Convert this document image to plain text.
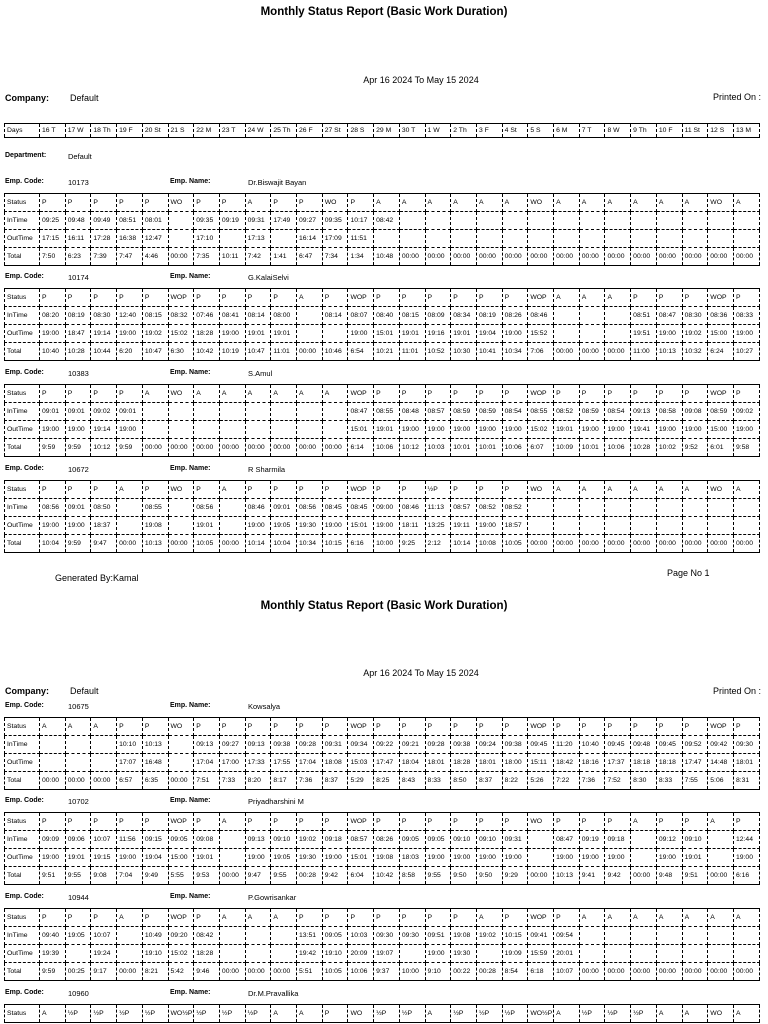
Monthly Status Report (Basic Work Duration)
Apr 16 2024 To May 15 2024
Company: Default	Printed On :
Days	16 T	17 W	18 Th	19 F	20 St	21 S	22 M	23 T	24 W	25 Th	26 F	27 St	28 S	29 M	30 T	1 W	2 Th	3 F	4 St	5 S	6 M	7 T	8 W	9 Th	10 F	11 St	12 S	13 M
Department:	Default
Emp. Code:	10173	Emp. Name:	Dr.Biswajit Bayan
Status	P	P	P	P	P	WO	P	P	A	P	P	WO	P	A	A	A	A	A	A	WO	A	A	A	A	A	A	WO	A
InTime	09:25	09:48	09:49	08:51	08:01		09:35	09:19	09:31	17:49	09:27	09:35	10:17	08:42														
OutTime	17:15	16:11	17:28	16:38	12:47		17:10		17:13		16:14	17:09	11:51															
Total	7:50	6:23	7:39	7:47	4:46	00:00	7:35	10:11	7:42	1:41	6:47	7:34	1:34	10:48	00:00	00:00	00:00	00:00	00:00	00:00	00:00	00:00	00:00	00:00	00:00	00:00	00:00	00:00
Emp. Code:	10174	Emp. Name:	G.KalaiSelvi
Status	P	P	P	P	P	WOP	P	P	P	P	A	P	WOP	P	P	P	P	P	P	WOP	A	A	A	P	P	P	WOP	P
InTime	08:20	08:19	08:30	12:40	08:15	08:32	07:46	08:41	08:14	08:00		08:14	08:07	08:40	08:15	08:09	08:34	08:19	08:26	08:46				08:51	08:47	08:30	08:36	08:33
OutTime	19:00	18:47	19:14	19:00	19:02	15:02	18:28	19:00	19:01	19:01			19:00	15:01	19:01	19:16	19:01	19:04	19:00	15:52				19:51	19:00	19:02	15:00	19:00
Total	10:40	10:28	10:44	6:20	10:47	6:30	10:42	10:19	10:47	11:01	00:00	10:46	6:54	10:21	11:01	10:52	10:30	10:41	10:34	7:06	00:00	00:00	00:00	11:00	10:13	10:32	6:24	10:27
Emp. Code:	10383	Emp. Name:	S.Amul
Status	P	P	P	P	A	WO	A	A	A	A	A	A	WOP	P	P	P	P	P	P	WOP	P	P	P	P	P	P	WOP	P
InTime	09:01	09:01	09:02	09:01									08:47	08:55	08:48	08:57	08:59	08:59	08:54	08:55	08:52	08:59	08:54	09:13	08:58	09:08	08:59	09:02
OutTime	19:00	19:00	19:14	19:00									15:01	19:01	19:00	19:00	19:00	19:00	19:00	15:02	19:01	19:00	19:00	19:41	19:00	19:00	15:00	19:00
Total	9:59	9:59	10:12	9:59	00:00	00:00	00:00	00:00	00:00	00:00	00:00	00:00	6:14	10:06	10:12	10:03	10:01	10:01	10:06	6:07	10:09	10:01	10:06	10:28	10:02	9:52	6:01	9:58
Emp. Code:	10672	Emp. Name:	R Sharmila
Status	P	P	P	A	P	WO	P	A	P	P	P	P	WOP	P	P	½P	P	P	P	WO	A	A	A	A	A	A	WO	A
InTime	08:56	09:01	08:50		08:55		08:56		08:46	09:01	08:56	08:45	08:45	09:00	08:46	11:13	08:57	08:52	08:52									
OutTime	19:00	19:00	18:37		19:08		19:01		19:00	19:05	19:30	19:00	15:01	19:00	18:11	13:25	19:11	19:00	18:57									
Total	10:04	9:59	9:47	00:00	10:13	00:00	10:05	00:00	10:14	10:04	10:34	10:15	6:16	10:00	9:25	2:12	10:14	10:08	10:05	00:00	00:00	00:00	00:00	00:00	00:00	00:00	00:00	00:00
Generated By:Kamal	Page No 1
Monthly Status Report (Basic Work Duration)
Apr 16 2024 To May 15 2024
Company: Default	Printed On :
Emp. Code:	10675	Emp. Name:	Kowsalya
Status	A	A	A	P	P	WO	P	P	P	P	P	P	WOP	P	P	P	P	P	P	WOP	P	P	P	P	P	P	WOP	P
InTime				10:10	10:13		09:13	09:27	09:13	09:38	09:28	09:31	09:34	09:22	09:21	09:28	09:38	09:24	09:38	09:45	11:20	10:40	09:45	09:48	09:45	09:52	09:42	09:30
OutTime				17:07	16:48		17:04	17:00	17:33	17:55	17:04	18:08	15:03	17:47	18:04	18:01	18:28	18:01	18:00	15:11	18:42	18:16	17:37	18:18	18:18	17:47	14:48	18:01
Total	00:00	00:00	00:00	6:57	6:35	00:00	7:51	7:33	8:20	8:17	7:36	8:37	5:29	8:25	8:43	8:33	8:50	8:37	8:22	5:26	7:22	7:36	7:52	8:30	8:33	7:55	5:06	8:31
Emp. Code:	10702	Emp. Name:	Priyadharshini M
Status	P	P	P	P	P	WOP	P	A	P	P	P	P	WOP	P	P	P	P	P	P	WO	P	P	P	A	P	P	A	P
InTime	09:09	09:06	10:07	11:56	09:15	09:05	09:08		09:13	09:10	19:02	09:18	08:57	08:26	09:05	09:05	09:10	09:10	09:31		08:47	09:19	09:18		09:12	09:10		12:44
OutTime	19:00	19:01	19:15	19:00	19:04	15:00	19:01		19:00	19:05	19:30	19:00	15:01	19:08	18:03	19:00	19:00	19:00	19:00		19:00	19:00	19:00		19:00	19:01		19:00
Total	9:51	9:55	9:08	7:04	9:49	5:55	9:53	00:00	9:47	9:55	00:28	9:42	6:04	10:42	8:58	9:55	9:50	9:50	9:29	00:00	10:13	9:41	9:42	00:00	9:48	9:51	00:00	6:16
Emp. Code:	10944	Emp. Name:	P.Gowrisankar
Status	P	P	P	A	P	WOP	P	A	A	A	P	P	P	P	P	P	P	A	P	WOP	P	A	A	A	A	A	A	A
InTime	09:40	19:05	10:07		10:49	09:20	08:42				13:51	09:05	10:03	09:30	09:30	09:51	19:08	19:02	10:15	09:41	09:54							
OutTime	19:39		19:24		19:10	15:02	18:28				19:42	19:10	20:09	19:07		19:00	19:30		19:09	15:59	20:01							
Total	9:59	00:25	9:17	00:00	8:21	5:42	9:46	00:00	00:00	00:00	5:51	10:05	10:06	9:37	10:00	9:10	00:22	00:28	8:54	6:18	10:07	00:00	00:00	00:00	00:00	00:00	00:00	00:00
Emp. Code:	10960	Emp. Name:	Dr.M.Pravallika
Status	A	½P	½P	½P	½P	WO½P	½P	½P	½P	A	A	P	WO	½P	½P	A	½P	½P	½P	WO½P	A	½P	½P	½P	A	A	WO	A
